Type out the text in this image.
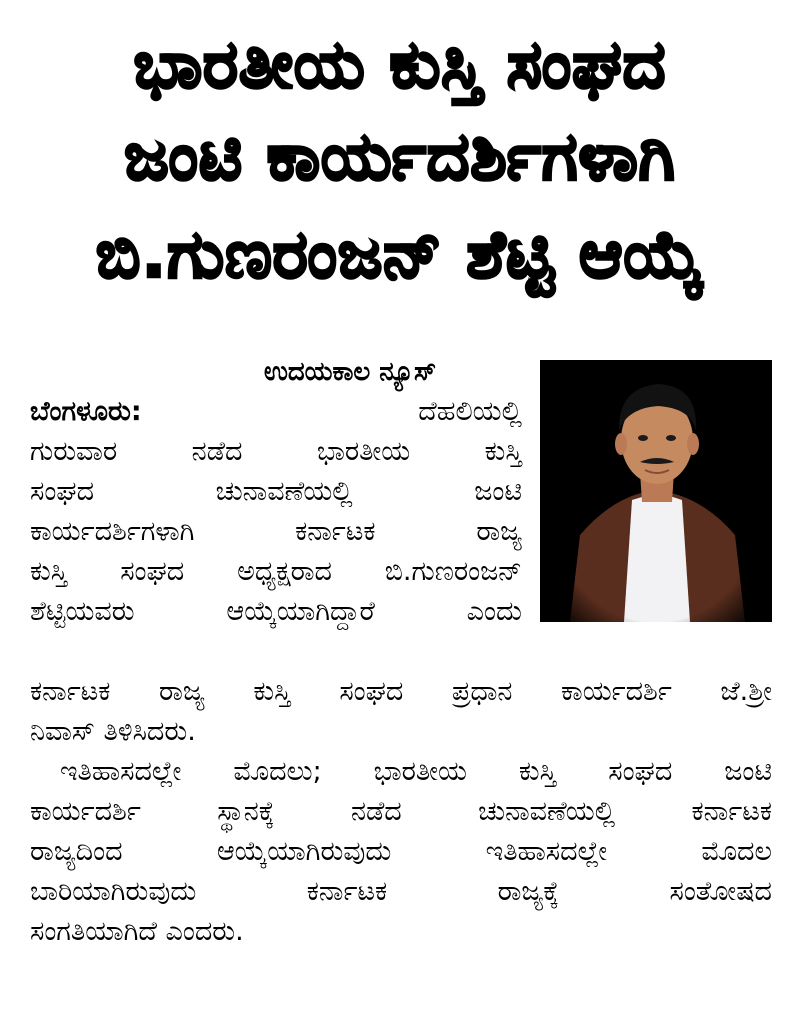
ಭಾರತೀಯ ಕುಸ್ತಿ ಸಂಘದ
ಜಂಟಿ ಕಾರ್ಯದರ್ಶಿಗಳಾಗಿ
ಬಿ.ಗುಣರಂಜನ್ ಶೆಟ್ಟಿ ಆಯ್ಕೆ
ಉದಯಕಾಲ ನ್ಯೂಸ್
ಬೆಂಗಳೂರು:	ದೆಹಲಿಯಲ್ಲಿ
ಗುರುವಾರ ನಡೆದ ಭಾರತೀಯ ಕುಸ್ತಿ
ಸಂಘದ ಚುನಾವಣೆಯಲ್ಲಿ ಜಂಟಿ
ಕಾರ್ಯದರ್ಶಿಗಳಾಗಿ ಕರ್ನಾಟಕ ರಾಜ್ಯ
ಕುಸ್ತಿ ಸಂಘದ ಅಧ್ಯಕ್ಷರಾದ ಬಿ.ಗುಣರಂಜನ್
ಶೆಟ್ಟಿಯವರು ಆಯ್ಕೆಯಾಗಿದ್ದಾರೆ ಎಂದು
ಕರ್ನಾಟಕ ರಾಜ್ಯ ಕುಸ್ತಿ ಸಂಘದ ಪ್ರಧಾನ ಕಾರ್ಯದರ್ಶಿ ಜೆ.ಶ್ರೀ
ನಿವಾಸ್ ತಿಳಿಸಿದರು.
ಇತಿಹಾಸದಲ್ಲೇ ಮೊದಲು; ಭಾರತೀಯ ಕುಸ್ತಿ ಸಂಘದ ಜಂಟಿ
ಕಾರ್ಯದರ್ಶಿ ಸ್ಥಾನಕ್ಕೆ ನಡೆದ ಚುನಾವಣೆಯಲ್ಲಿ ಕರ್ನಾಟಕ
ರಾಜ್ಯದಿಂದ ಆಯ್ಕೆಯಾಗಿರುವುದು ಇತಿಹಾಸದಲ್ಲೇ ಮೊದಲ
ಬಾರಿಯಾಗಿರುವುದು ಕರ್ನಾಟಕ ರಾಜ್ಯಕ್ಕೆ ಸಂತೋಷದ
ಸಂಗತಿಯಾಗಿದೆ ಎಂದರು.
